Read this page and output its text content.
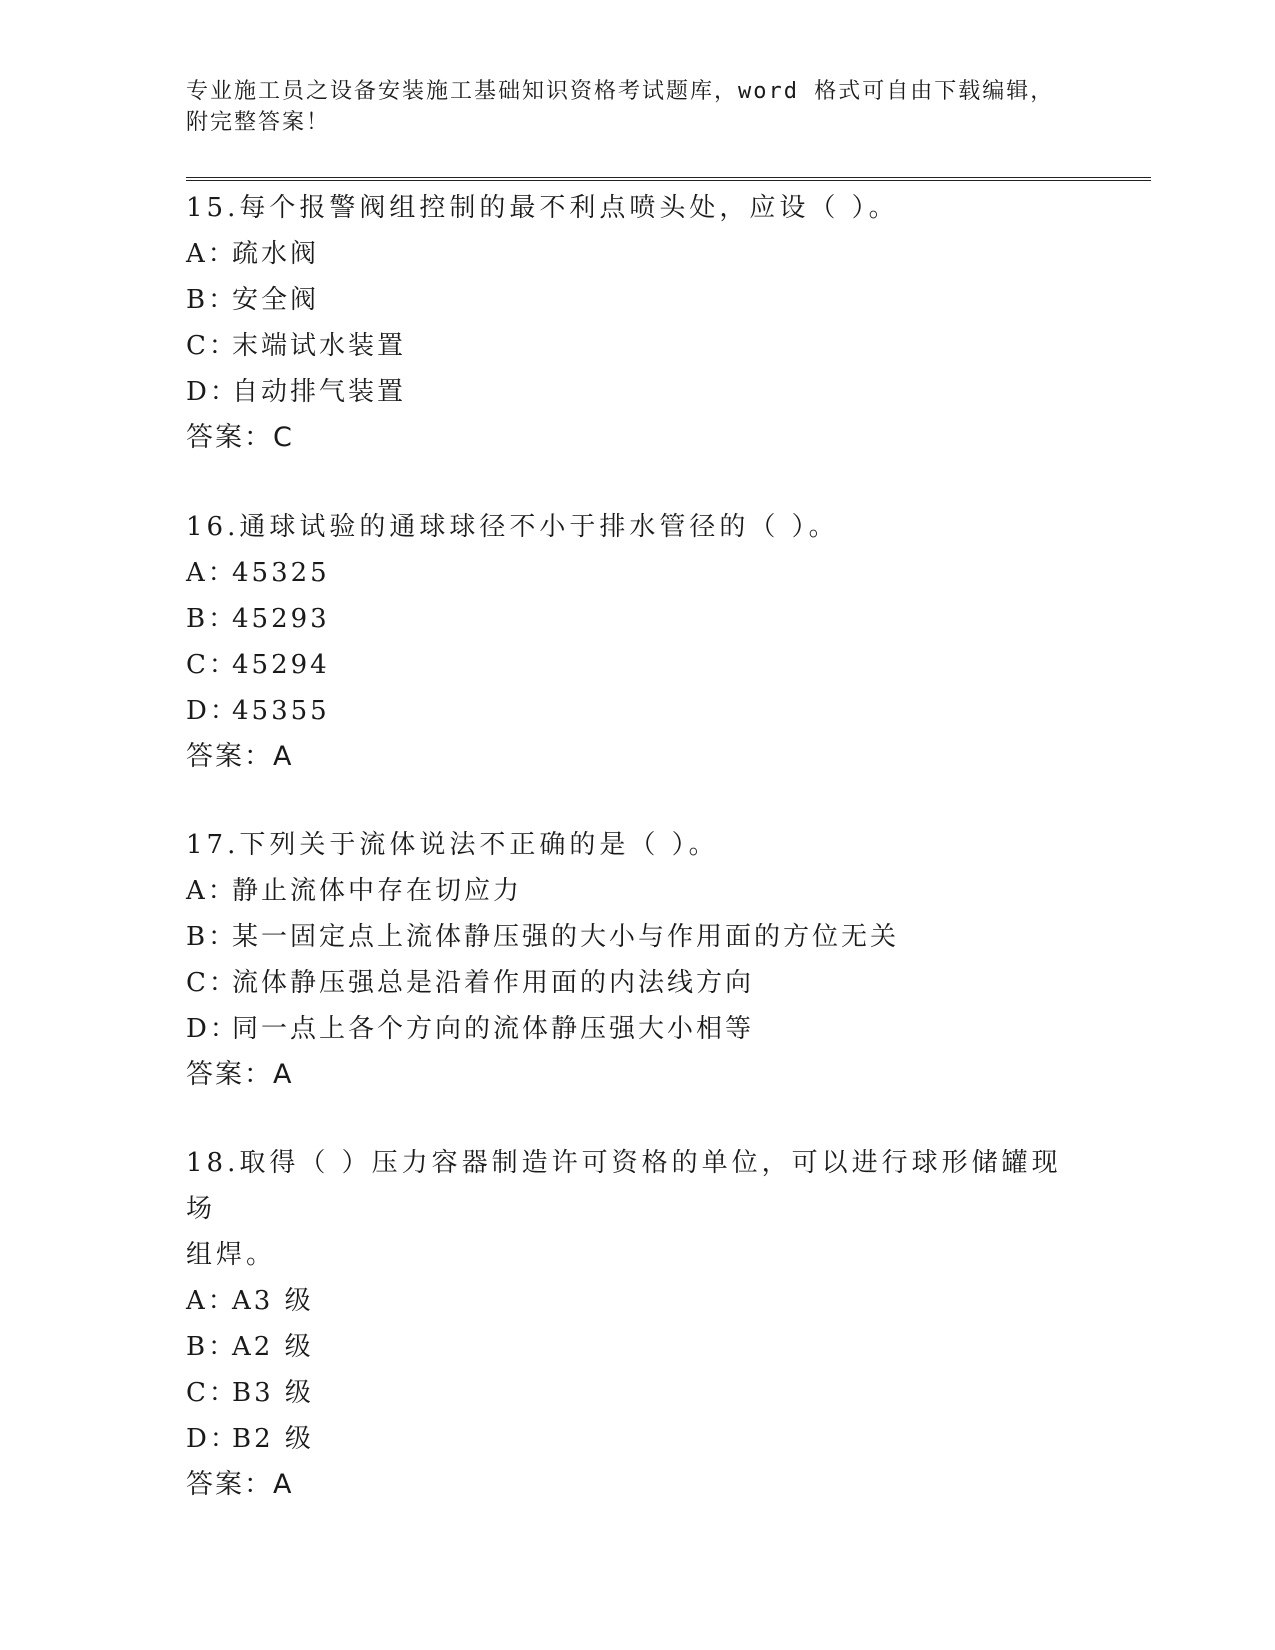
专业施工员之设备安装施工基础知识资格考试题库，word 格式可自由下载编辑，
附完整答案！

15.每个报警阀组控制的最不利点喷头处，应设（ ）。

A：疏水阀

B：安全阀

C：末端试水装置

D：自动排气装置

答案：C

16.通球试验的通球球径不小于排水管径的（ ）。

A：45325

B：45293

C：45294

D：45355

答案：A

17.下列关于流体说法不正确的是（ ）。

A：静止流体中存在切应力

B：某一固定点上流体静压强的大小与作用面的方位无关

C：流体静压强总是沿着作用面的内法线方向

D：同一点上各个方向的流体静压强大小相等

答案：A

18.取得（ ）压力容器制造许可资格的单位，可以进行球形储罐现场

组焊。

A：A3 级

B：A2 级

C：B3 级

D：B2 级

答案：A
